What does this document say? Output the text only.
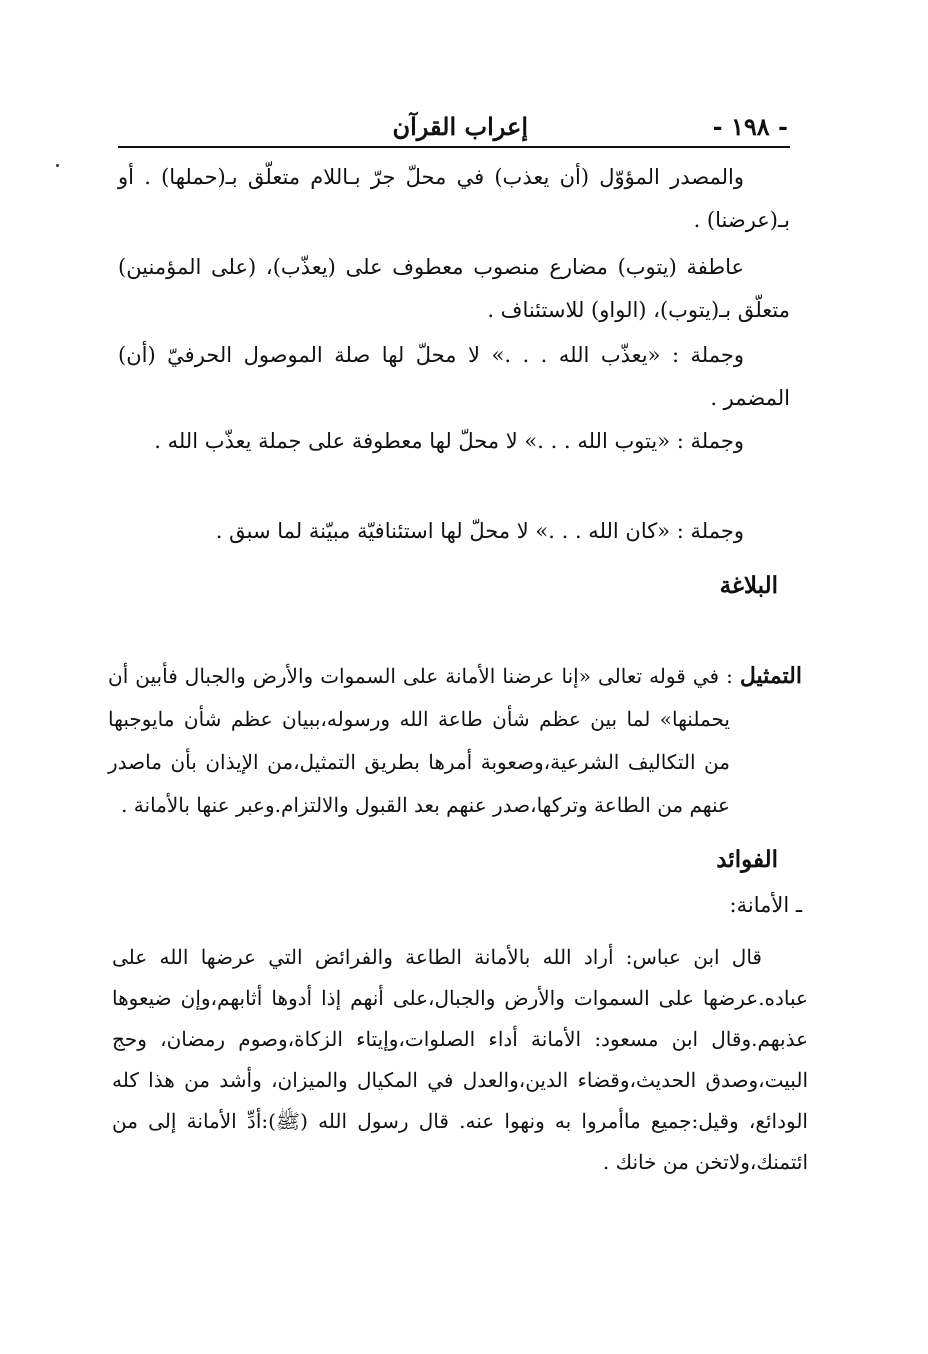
- ١٩٨ -
إعراب القرآن

والمصدر المؤوّل (أن يعذب) في محلّ جرّ بـاللام متعلّق بـ(حملها) . أو بـ(عرضنا) .

عاطفة (يتوب) مضارع منصوب معطوف على (يعذّب)، (على المؤمنين) متعلّق بـ(يتوب)، (الواو) للاستئناف .

وجملة : «يعذّب الله . . .» لا محلّ لها صلة الموصول الحرفيّ (أن) المضمر .

وجملة : «يتوب الله . . .» لا محلّ لها معطوفة على جملة يعذّب الله .

وجملة : «كان الله . . .» لا محلّ لها استئنافيّة مبيّنة لما سبق .

البلاغة

التمثيل : في قوله تعالى «إنا عرضنا الأمانة على السموات والأرض والجبال فأبين أن يحملنها» لما بين عظم شأن طاعة الله ورسوله،ببيان عظم شأن مايوجبها من التكاليف الشرعية،وصعوبة أمرها بطريق التمثيل،من الإيذان بأن ماصدر عنهم من الطاعة وتركها،صدر عنهم بعد القبول والالتزام.وعبر عنها بالأمانة .

الفوائد

ـ الأمانة:

قال ابن عباس: أراد الله بالأمانة الطاعة والفرائض التي عرضها الله على عباده.عرضها على السموات والأرض والجبال،على أنهم إذا أدوها أثابهم،وإن ضيعوها عذبهم.وقال ابن مسعود: الأمانة أداء الصلوات،وإيتاء الزكاة،وصوم رمضان، وحج البيت،وصدق الحديث،وقضاء الدين،والعدل في المكيال والميزان، وأشد من هذا كله الودائع، وقيل:جميع ماأمروا به ونهوا عنه. قال رسول الله (ﷺ):أدِّ الأمانة إلى من ائتمنك،ولاتخن من خانك .
